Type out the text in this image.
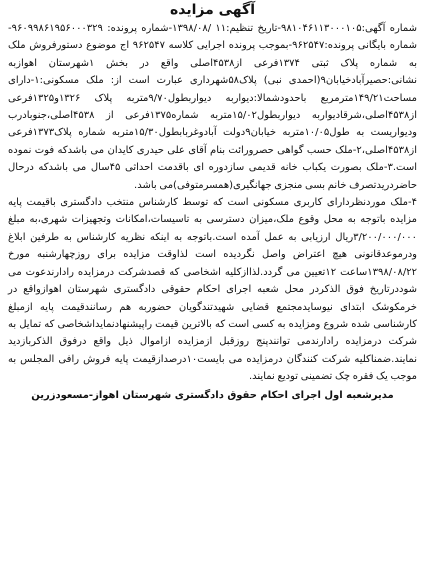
آگهی مزایده

شماره آگهی:۹۸۱۰۴۶۱۱۳۰۰۰۱۰۵-تاریخ تنظیم:۱۱ /۱۳۹۸/۰۸-شماره پرونده: ۹۶۰۹۹۸۶۱۹۵۶۰۰۰۳۲۹-شماره بایگانی پرونده:۹۶۲۵۴۷-بموجب پرونده اجرایی کلاسه ۹۶۲۵۴۷ اج موضوع دستورفروش ملک به شماره پلاک ثبتی ۱۳۷۴فرعی از۴۵۳۸اصلی واقع در بخش ۱شهرستان اهوازبه نشانی:حصیرآبادخیابان۹(احمدی نبی) پلاک۵۸شهرداری عبارت است از: ملک مسکونی:۱-دارای مساحت۱۴۹/۲۱مترمربع باحدودشمالا:دیواربه دیواربطول۹/۷۰متربه پلاک ۱۳۲۶و۱۳۲۵فرعی از۴۵۳۸اصلی،شرقادیواربه دیواربطول۱۵/۰۲متربه شماره۱۳۷۵فرعی از ۴۵۳۸اصلی،جنوبادرب ودیواریست به طول۱۰/۰۵متربه خیابان۹دولت آبادوغربابطول۱۵/۳۰متربه شماره پلاک۱۳۷۳فرعی از۴۵۳۸اصلی،۲-ملک حسب گواهی حصرورائت بنام آقای علی حیدری کایدان می باشدکه فوت نموده است.۳-ملک بصورت یکباب خانه قدیمی سازدوره ای باقدمت احداثی ۴۵سال می باشدکه درحال حاضردریدتصرف خانم بسی منجزی جهانگیری(همسرمتوفی)می باشد.

۴-ملک موردنظردارای کاربری مسکونی است که توسط کارشناس منتخب دادگستری باقیمت پایه مزایده باتوجه به محل وقوع ملک،میزان دسترسی به تاسیسات،امکانات وتجهیزات شهری،به مبلغ ۳/۲۰۰/۰۰۰/۰۰۰ریال ارزیابی به عمل آمده است.باتوجه به اینکه نظریه کارشناس به طرفین ابلاغ ودرموعدقانونی هیچ اعتراض واصل نگردیده است لذاوقت مزایده برای روزچهارشنبه مورخ ۱۳۹۸/۰۸/۲۲ساعت ۱۲تعیین می گردد.لذاازکلیه اشخاصی که قصدشرکت درمزایده رادارندعوت می شوددرتاریخ فوق الذکردر محل شعبه اجرای احکام حقوقی دادگستری شهرستان اهوازواقع در خرمکوشک ابتدای نیوسایدمجتمع قضایی شهیدتندگویان حضوربه هم رسانندقیمت پایه ازمبلغ کارشناسی شده شروع ومزایده به کسی است که بالاترین قیمت راپیشنهادنمایداشخاصی که تمایل به شرکت درمزایده رادارندمی توانندپنج روزقبل ازمزایده ازاموال ذیل واقع درفوق الذکربازدید نمایند.ضمناکلیه شرکت کنندگان درمزایده می بایست۱۰درصدازقیمت پایه فروش رافی المجلس به موجب یک فقره چک تضمینی تودیع نمایند.

مدیرشعبه اول اجرای احکام حقوق دادگستری شهرستان اهواز-مسعودزرین
